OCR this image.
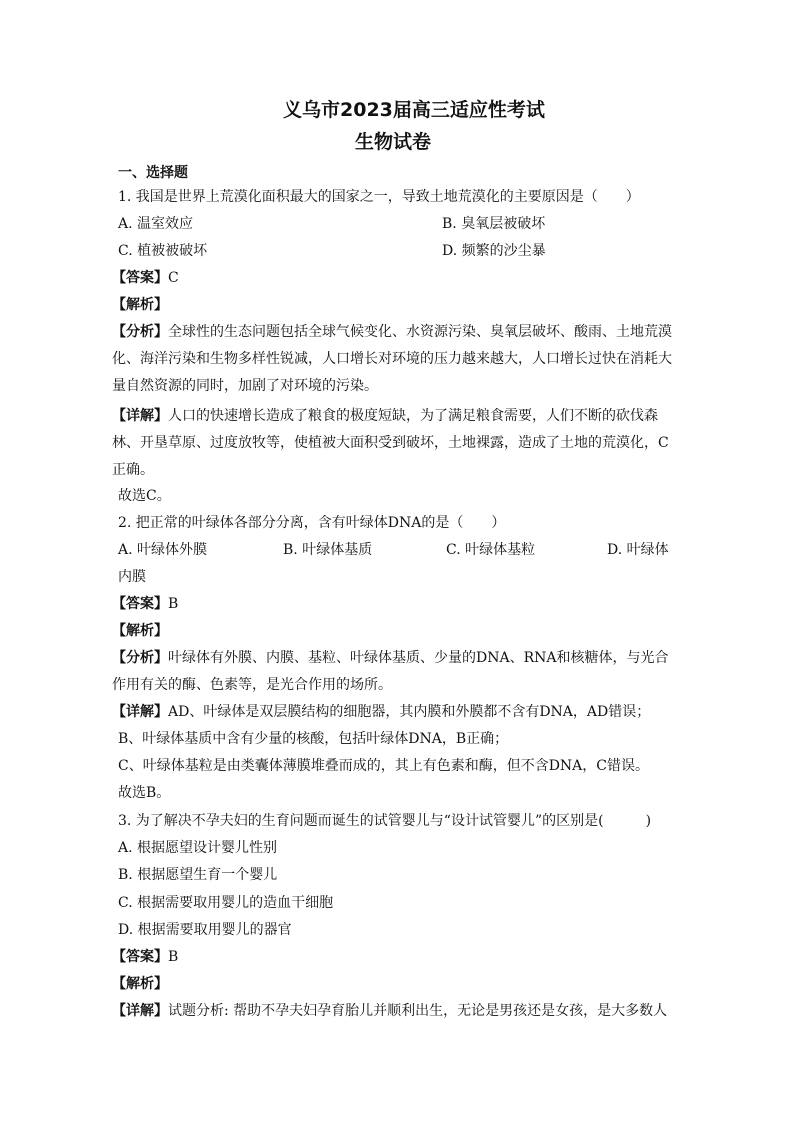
义乌市2023届高三适应性考试
生物试卷
一、选择题
1. 我国是世界上荒漠化面积最大的国家之一，导致土地荒漠化的主要原因是（　　）
A. 温室效应	B. 臭氧层被破坏
C. 植被被破坏	D. 频繁的沙尘暴
【答案】C
【解析】
【分析】全球性的生态问题包括全球气候变化、水资源污染、臭氧层破坏、酸雨、土地荒漠化、海洋污染和生物多样性锐减，人口增长对环境的压力越来越大，人口增长过快在消耗大量自然资源的同时，加剧了对环境的污染。
【详解】人口的快速增长造成了粮食的极度短缺，为了满足粮食需要，人们不断的砍伐森林、开垦草原、过度放牧等，使植被大面积受到破坏，土地裸露，造成了土地的荒漠化，C正确。
故选C。
2. 把正常的叶绿体各部分分离，含有叶绿体DNA的是（　　）
A. 叶绿体外膜	B. 叶绿体基质	C. 叶绿体基粒	D. 叶绿体
内膜
【答案】B
【解析】
【分析】叶绿体有外膜、内膜、基粒、叶绿体基质、少量的DNA、RNA和核糖体，与光合作用有关的酶、色素等，是光合作用的场所。
【详解】AD、叶绿体是双层膜结构的细胞器，其内膜和外膜都不含有DNA，AD错误；
B、叶绿体基质中含有少量的核酸，包括叶绿体DNA，B正确；
C、叶绿体基粒是由类囊体薄膜堆叠而成的，其上有色素和酶，但不含DNA，C错误。
故选B。
3. 为了解决不孕夫妇的生育问题而诞生的试管婴儿与“设计试管婴儿”的区别是(　　　)
A. 根据愿望设计婴儿性别
B. 根据愿望生育一个婴儿
C. 根据需要取用婴儿的造血干细胞
D. 根据需要取用婴儿的器官
【答案】B
【解析】
【详解】试题分析: 帮助不孕夫妇孕育胎儿并顺利出生，无论是男孩还是女孩，是大多数人
